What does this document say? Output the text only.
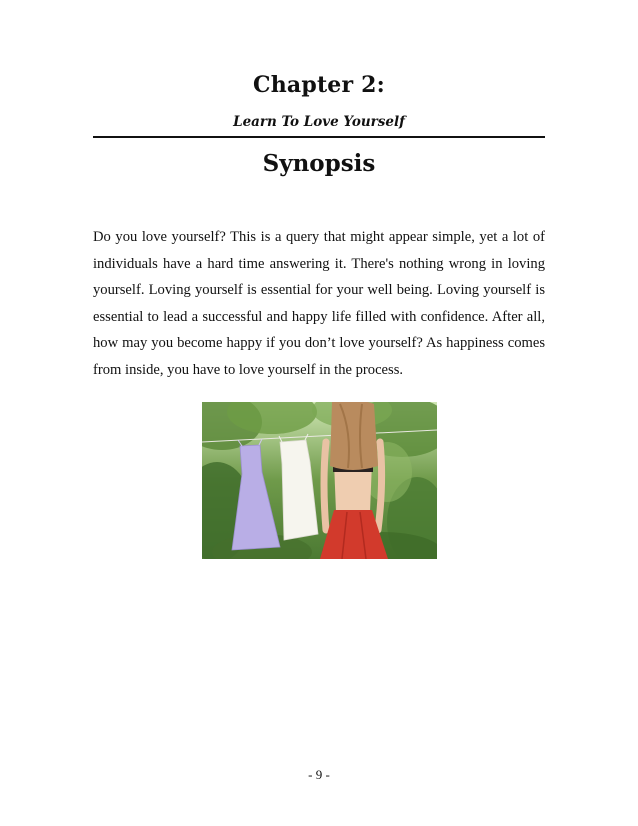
Chapter 2:
Learn To Love Yourself
Synopsis

Do you love yourself? This is a query that might appear simple, yet a lot of individuals have a hard time answering it. There's nothing wrong in loving yourself. Loving yourself is essential for your well being. Loving yourself is essential to lead a successful and happy life filled with confidence. After all, how may you become happy if you don’t love yourself? As happiness comes from inside, you have to love yourself in the process.

- 9 -
